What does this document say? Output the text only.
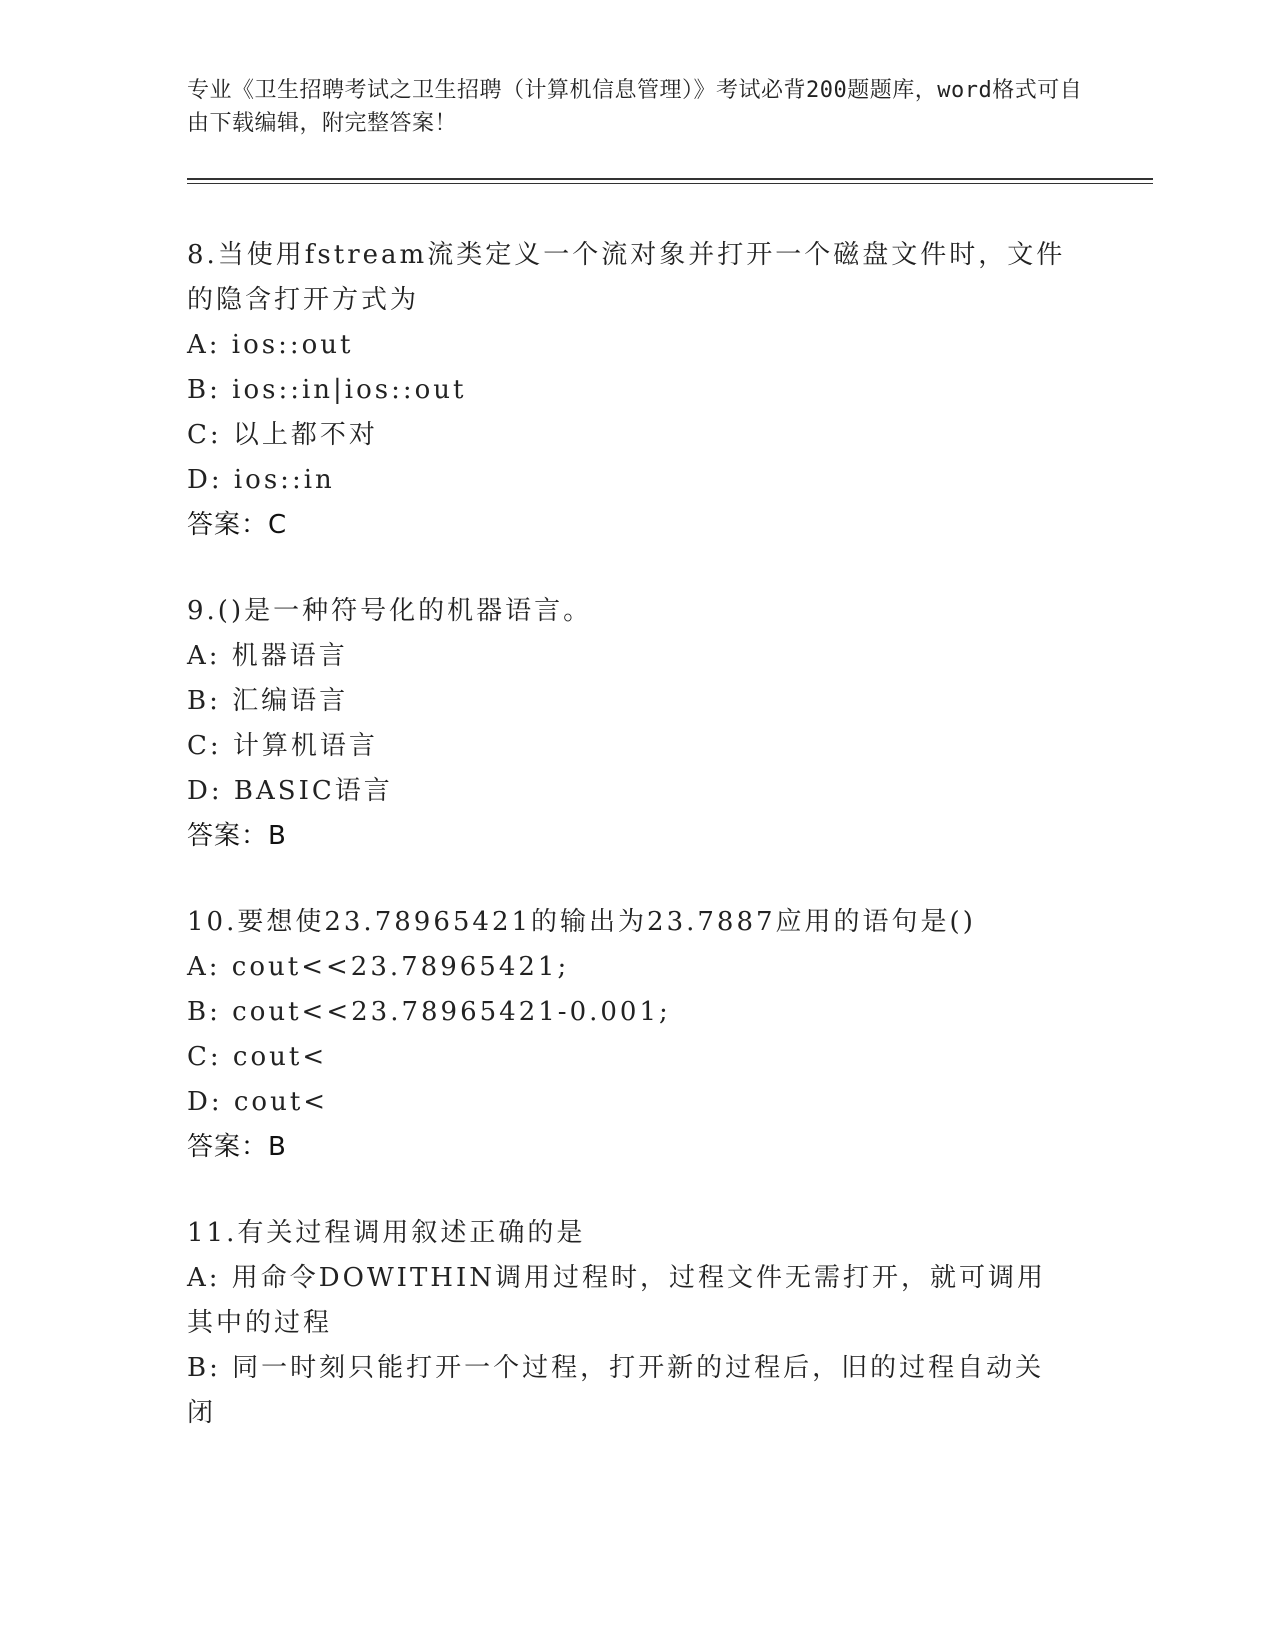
专业《卫生招聘考试之卫生招聘（计算机信息管理）》考试必背200题题库，word格式可自由下载编辑，附完整答案！
8.当使用fstream流类定义一个流对象并打开一个磁盘文件时，文件的隐含打开方式为
A: ios::out
B: ios::in|ios::out
C: 以上都不对
D: ios::in
答案：C
9.()是一种符号化的机器语言。
A: 机器语言
B: 汇编语言
C: 计算机语言
D: BASIC语言
答案：B
10.要想使23.78965421的输出为23.7887应用的语句是()
A: cout<<23.78965421;
B: cout<<23.78965421-0.001;
C: cout<
D: cout<
答案：B
11.有关过程调用叙述正确的是
A: 用命令DOWITHIN调用过程时，过程文件无需打开，就可调用其中的过程
B: 同一时刻只能打开一个过程，打开新的过程后，旧的过程自动关闭
